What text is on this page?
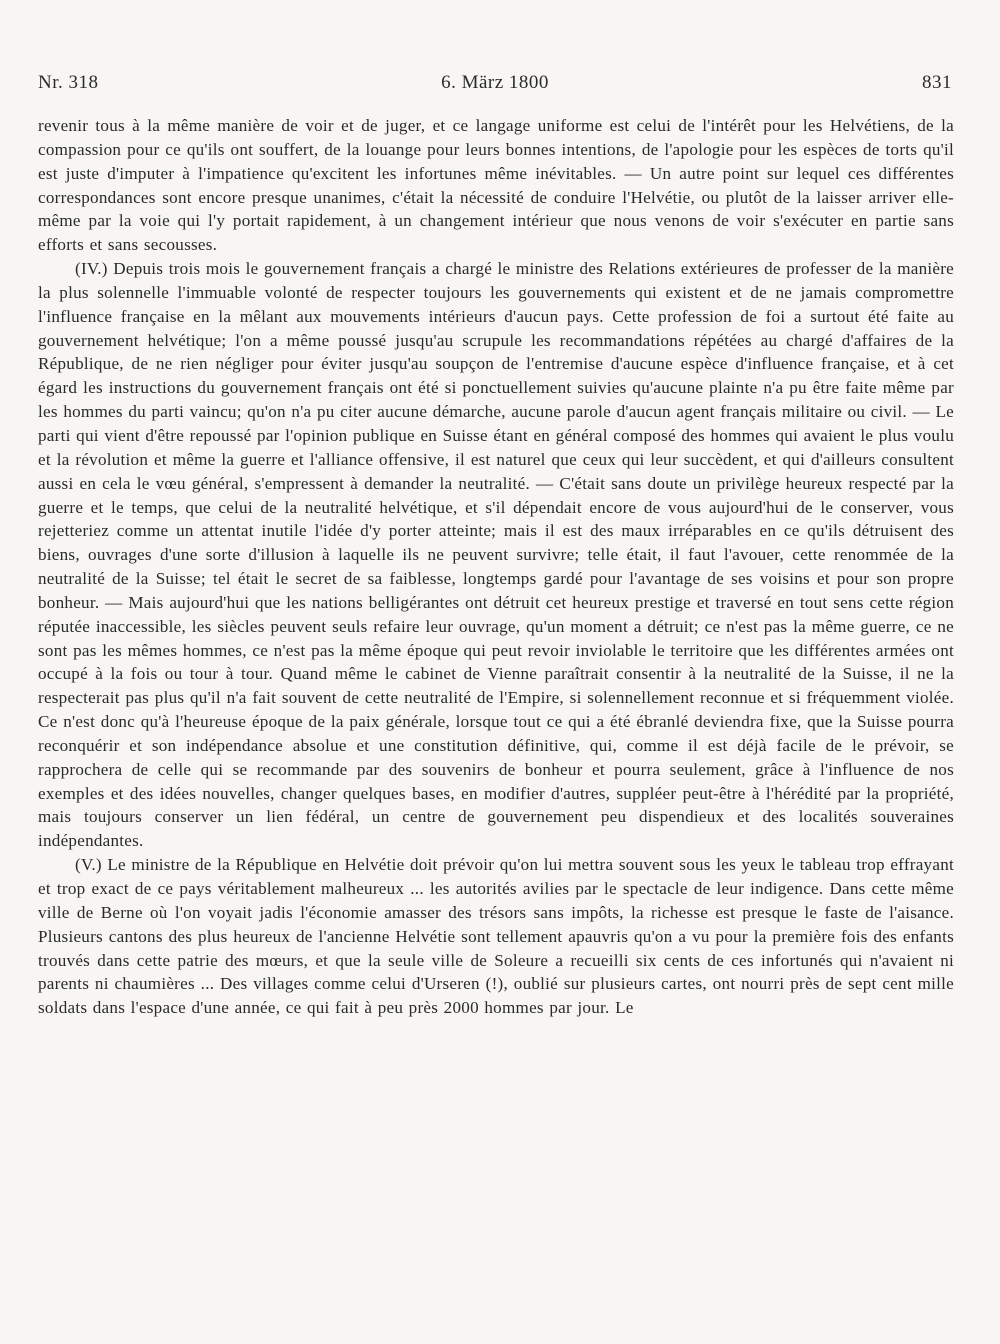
Nr. 318	6. März 1800	831

revenir tous à la même manière de voir et de juger, et ce langage uniforme est celui de l'intérêt pour les Helvétiens, de la compassion pour ce qu'ils ont souffert, de la louange pour leurs bonnes intentions, de l'apologie pour les espèces de torts qu'il est juste d'imputer à l'impatience qu'excitent les infortunes même inévitables. — Un autre point sur lequel ces différentes correspondances sont encore presque unanimes, c'était la nécessité de conduire l'Helvétie, ou plutôt de la laisser arriver elle-même par la voie qui l'y portait rapidement, à un changement intérieur que nous venons de voir s'exécuter en partie sans efforts et sans secousses.

(IV.) Depuis trois mois le gouvernement français a chargé le ministre des Relations extérieures de professer de la manière la plus solennelle l'immuable volonté de respecter toujours les gouvernements qui existent et de ne jamais compromettre l'influence française en la mêlant aux mouvements intérieurs d'aucun pays. Cette profession de foi a surtout été faite au gouvernement helvétique; l'on a même poussé jusqu'au scrupule les recommandations répétées au chargé d'affaires de la République, de ne rien négliger pour éviter jusqu'au soupçon de l'entremise d'aucune espèce d'influence française, et à cet égard les instructions du gouvernement français ont été si ponctuellement suivies qu'aucune plainte n'a pu être faite même par les hommes du parti vaincu; qu'on n'a pu citer aucune démarche, aucune parole d'aucun agent français militaire ou civil. — Le parti qui vient d'être repoussé par l'opinion publique en Suisse étant en général composé des hommes qui avaient le plus voulu et la révolution et même la guerre et l'alliance offensive, il est naturel que ceux qui leur succèdent, et qui d'ailleurs consultent aussi en cela le vœu général, s'empressent à demander la neutralité. — C'était sans doute un privilège heureux respecté par la guerre et le temps, que celui de la neutralité helvétique, et s'il dépendait encore de vous aujourd'hui de le conserver, vous rejetteriez comme un attentat inutile l'idée d'y porter atteinte; mais il est des maux irréparables en ce qu'ils détruisent des biens, ouvrages d'une sorte d'illusion à laquelle ils ne peuvent survivre; telle était, il faut l'avouer, cette renommée de la neutralité de la Suisse; tel était le secret de sa faiblesse, longtemps gardé pour l'avantage de ses voisins et pour son propre bonheur. — Mais aujourd'hui que les nations belligérantes ont détruit cet heureux prestige et traversé en tout sens cette région réputée inaccessible, les siècles peuvent seuls refaire leur ouvrage, qu'un moment a détruit; ce n'est pas la même guerre, ce ne sont pas les mêmes hommes, ce n'est pas la même époque qui peut revoir inviolable le territoire que les différentes armées ont occupé à la fois ou tour à tour. Quand même le cabinet de Vienne paraîtrait consentir à la neutralité de la Suisse, il ne la respecterait pas plus qu'il n'a fait souvent de cette neutralité de l'Empire, si solennellement reconnue et si fréquemment violée. Ce n'est donc qu'à l'heureuse époque de la paix générale, lorsque tout ce qui a été ébranlé deviendra fixe, que la Suisse pourra reconquérir et son indépendance absolue et une constitution définitive, qui, comme il est déjà facile de le prévoir, se rapprochera de celle qui se recommande par des souvenirs de bonheur et pourra seulement, grâce à l'influence de nos exemples et des idées nouvelles, changer quelques bases, en modifier d'autres, suppléer peut-être à l'hérédité par la propriété, mais toujours conserver un lien fédéral, un centre de gouvernement peu dispendieux et des localités souveraines indépendantes.

(V.) Le ministre de la République en Helvétie doit prévoir qu'on lui mettra souvent sous les yeux le tableau trop effrayant et trop exact de ce pays véritablement malheureux ... les autorités avilies par le spectacle de leur indigence. Dans cette même ville de Berne où l'on voyait jadis l'économie amasser des trésors sans impôts, la richesse est presque le faste de l'aisance. Plusieurs cantons des plus heureux de l'ancienne Helvétie sont tellement apauvris qu'on a vu pour la première fois des enfants trouvés dans cette patrie des mœurs, et que la seule ville de Soleure a recueilli six cents de ces infortunés qui n'avaient ni parents ni chaumières ... Des villages comme celui d'Urseren (!), oublié sur plusieurs cartes, ont nourri près de sept cent mille soldats dans l'espace d'une année, ce qui fait à peu près 2000 hommes par jour. Le
